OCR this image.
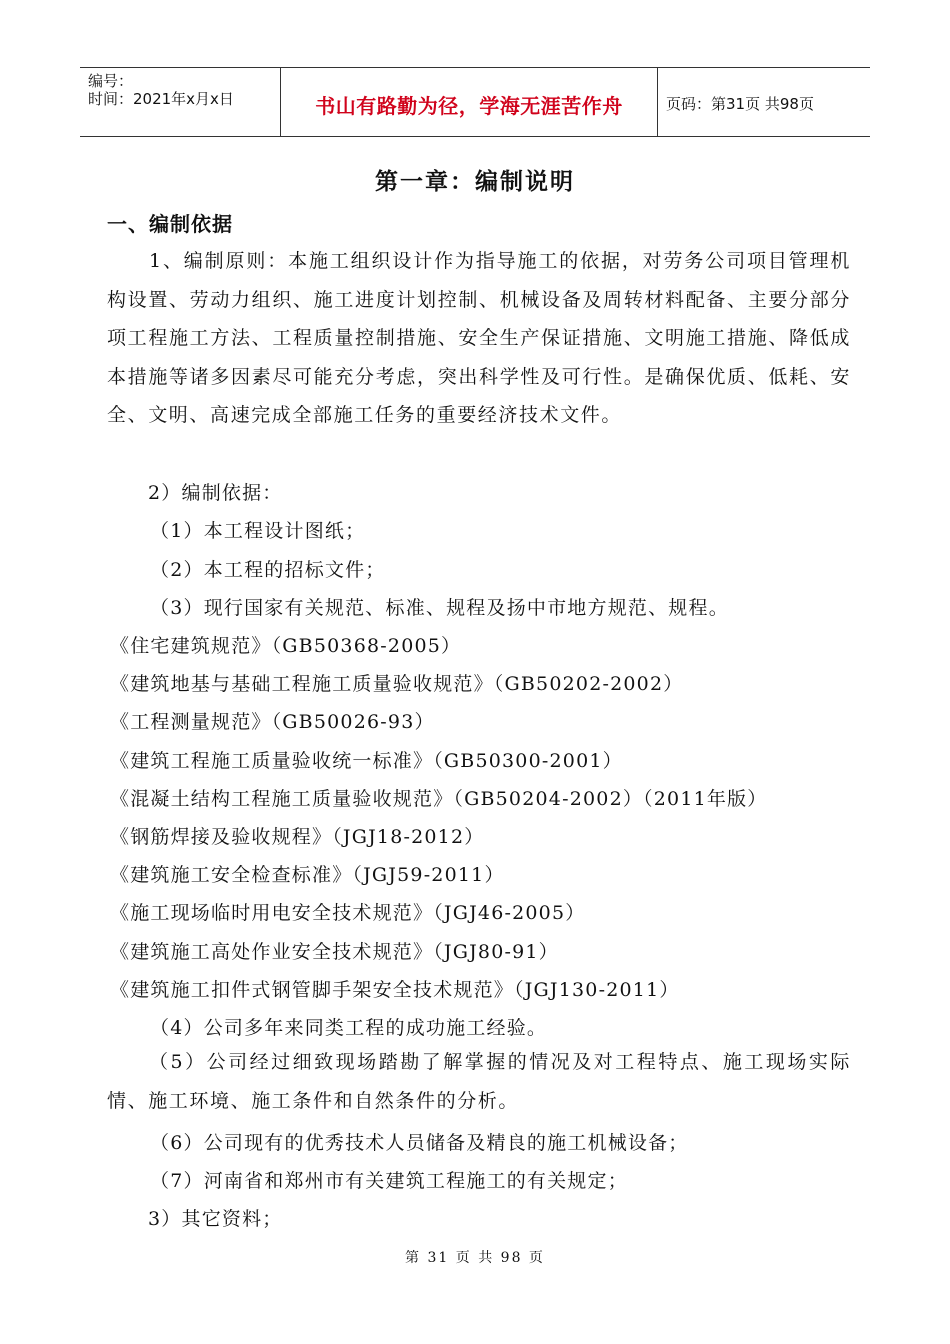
编号：
时间：2021年x月x日	书山有路勤为径，学海无涯苦作舟	页码：第31页 共98页
第一章：编制说明
一、编制依据
1、编制原则：本施工组织设计作为指导施工的依据，对劳务公司项目管理机构设置、劳动力组织、施工进度计划控制、机械设备及周转材料配备、主要分部分项工程施工方法、工程质量控制措施、安全生产保证措施、文明施工措施、降低成本措施等诸多因素尽可能充分考虑，突出科学性及可行性。是确保优质、低耗、安全、文明、高速完成全部施工任务的重要经济技术文件。
2）编制依据：
（1）本工程设计图纸；
（2）本工程的招标文件；
（3）现行国家有关规范、标准、规程及扬中市地方规范、规程。
《住宅建筑规范》（GB50368-2005）
《建筑地基与基础工程施工质量验收规范》（GB50202-2002）
《工程测量规范》（GB50026-93）
《建筑工程施工质量验收统一标准》（GB50300-2001）
《混凝土结构工程施工质量验收规范》（GB50204-2002）（2011年版）
《钢筋焊接及验收规程》（JGJ18-2012）
《建筑施工安全检查标准》（JGJ59-2011）
《施工现场临时用电安全技术规范》（JGJ46-2005）
《建筑施工高处作业安全技术规范》（JGJ80-91）
《建筑施工扣件式钢管脚手架安全技术规范》（JGJ130-2011）
（4）公司多年来同类工程的成功施工经验。
（5）公司经过细致现场踏勘了解掌握的情况及对工程特点、施工现场实际情、施工环境、施工条件和自然条件的分析。
（6）公司现有的优秀技术人员储备及精良的施工机械设备；
（7）河南省和郑州市有关建筑工程施工的有关规定；
3）其它资料；
第 31 页 共 98 页
